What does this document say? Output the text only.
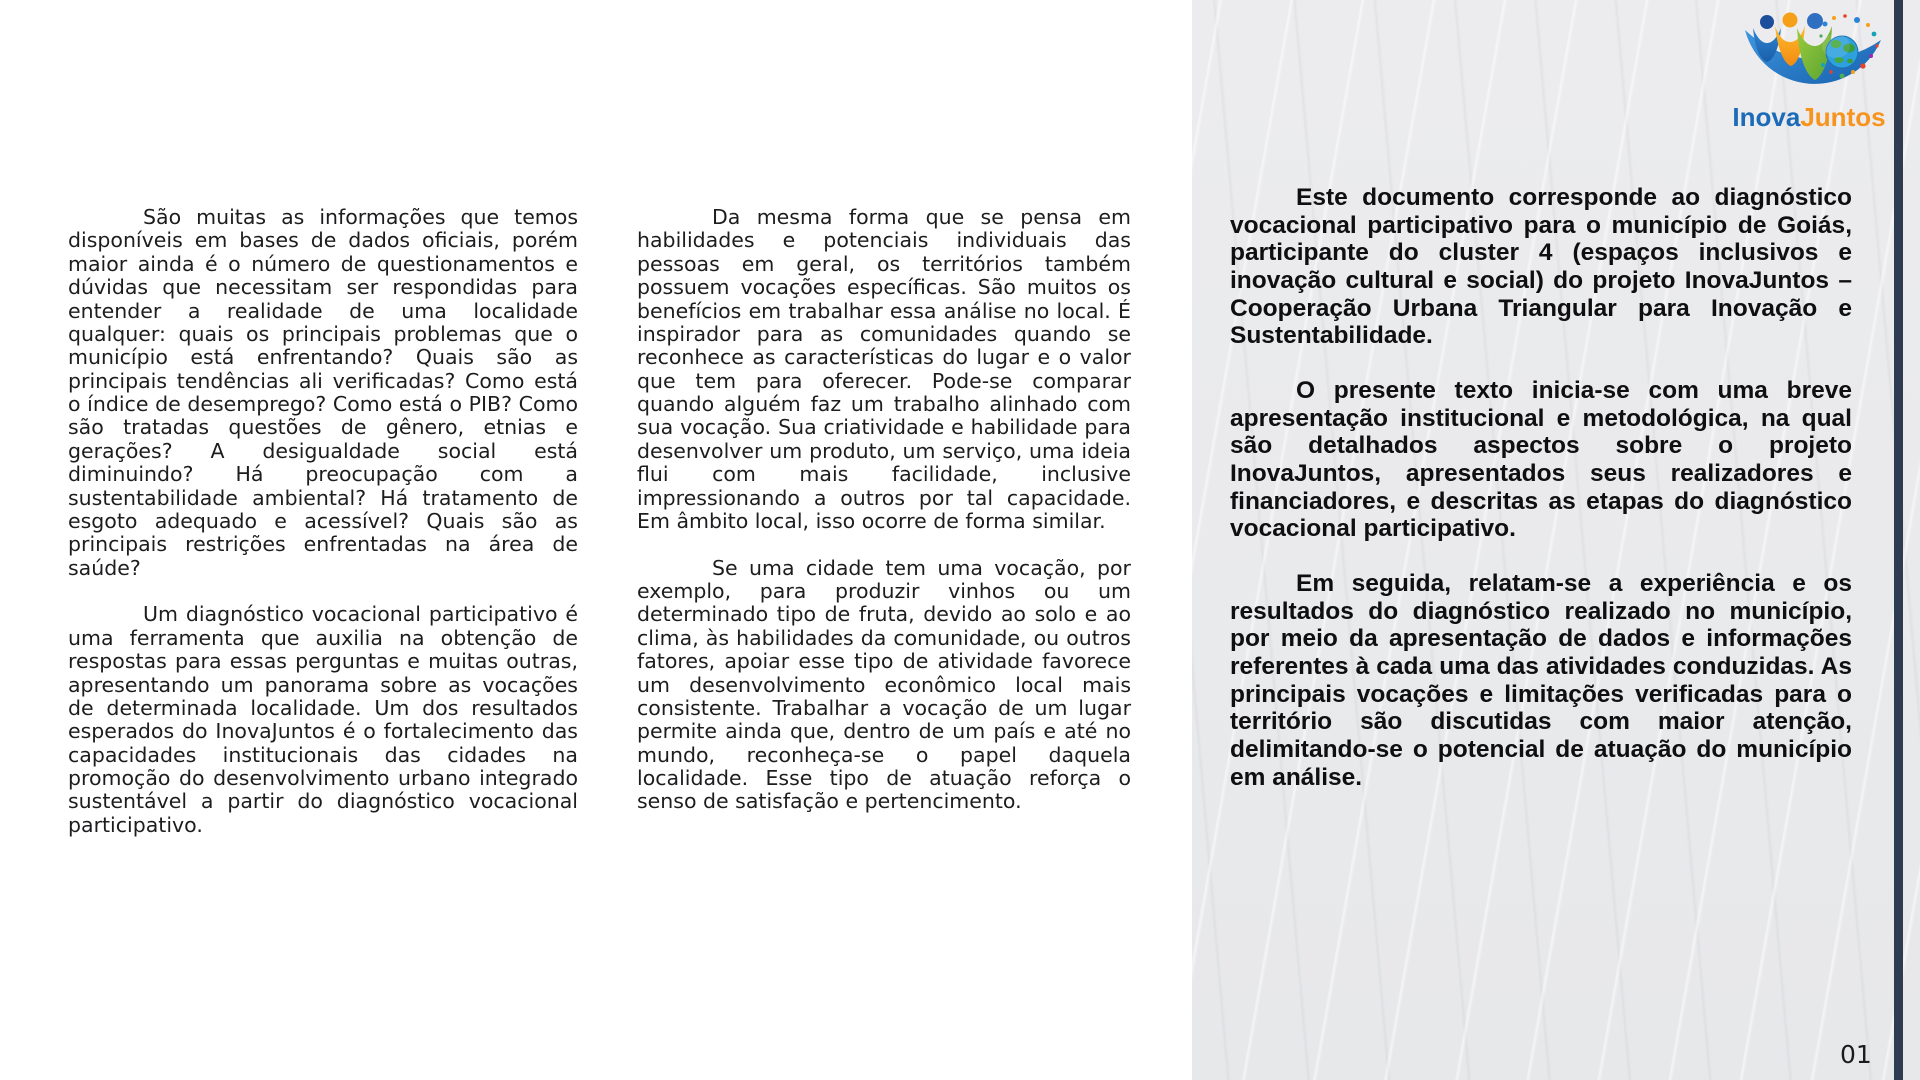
Inova Juntos

São muitas as informações que temos disponíveis em bases de dados oficiais, porém maior ainda é o número de questionamentos e dúvidas que necessitam ser respondidas para entender a realidade de uma localidade qualquer: quais os principais problemas que o município está enfrentando? Quais são as principais tendências ali verificadas? Como está o índice de desemprego? Como está o PIB? Como são tratadas questões de gênero, etnias e gerações? A desigualdade social está diminuindo? Há preocupação com a sustentabilidade ambiental? Há tratamento de esgoto adequado e acessível? Quais são as principais restrições enfrentadas na área de saúde?

Um diagnóstico vocacional participativo é uma ferramenta que auxilia na obtenção de respostas para essas perguntas e muitas outras, apresentando um panorama sobre as vocações de determinada localidade. Um dos resultados esperados do InovaJuntos é o fortalecimento das capacidades institucionais das cidades na promoção do desenvolvimento urbano integrado sustentável a partir do diagnóstico vocacional participativo.

Da mesma forma que se pensa em habilidades e potenciais individuais das pessoas em geral, os territórios também possuem vocações específicas. São muitos os benefícios em trabalhar essa análise no local. É inspirador para as comunidades quando se reconhece as características do lugar e o valor que tem para oferecer. Pode-se comparar quando alguém faz um trabalho alinhado com sua vocação. Sua criatividade e habilidade para desenvolver um produto, um serviço, uma ideia flui com mais facilidade, inclusive impressionando a outros por tal capacidade. Em âmbito local, isso ocorre de forma similar.

Se uma cidade tem uma vocação, por exemplo, para produzir vinhos ou um determinado tipo de fruta, devido ao solo e ao clima, às habilidades da comunidade, ou outros fatores, apoiar esse tipo de atividade favorece um desenvolvimento econômico local mais consistente. Trabalhar a vocação de um lugar permite ainda que, dentro de um país e até no mundo, reconheça-se o papel daquela localidade. Esse tipo de atuação reforça o senso de satisfação e pertencimento.

Este documento corresponde ao diagnóstico vocacional participativo para o município de Goiás, participante do cluster 4 (espaços inclusivos e inovação cultural e social) do projeto InovaJuntos – Cooperação Urbana Triangular para Inovação e Sustentabilidade.

O presente texto inicia-se com uma breve apresentação institucional e metodológica, na qual são detalhados aspectos sobre o projeto InovaJuntos, apresentados seus realizadores e financiadores, e descritas as etapas do diagnóstico vocacional participativo.

Em seguida, relatam-se a experiência e os resultados do diagnóstico realizado no município, por meio da apresentação de dados e informações referentes à cada uma das atividades conduzidas. As principais vocações e limitações verificadas para o território são discutidas com maior atenção, delimitando-se o potencial de atuação do município em análise.

01
